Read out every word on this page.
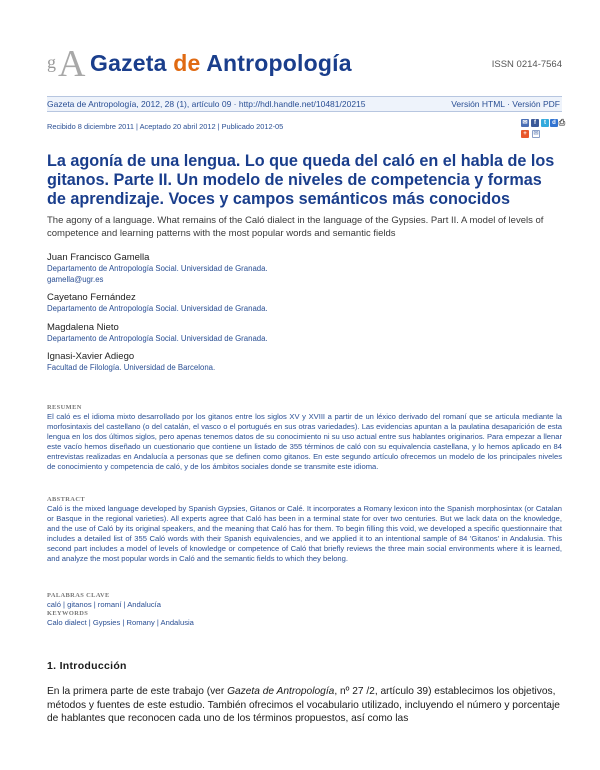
g A Gazeta de Antropología	ISSN 0214-7564
Gazeta de Antropología, 2012, 28 (1), artículo 09 · http://hdl.handle.net/10481/20215	Versión HTML · Versión PDF
Recibido 8 diciembre 2011 | Aceptado 20 abril 2012 | Publicado 2012-05	✉	f	t	d ⎙
+	✉
La agonía de una lengua. Lo que queda del caló en el habla de los gitanos. Parte II. Un modelo de niveles de competencia y formas de aprendizaje. Voces y campos semánticos más conocidos
The agony of a language. What remains of the Caló dialect in the language of the Gypsies. Part II. A model of levels of competence and learning patterns with the most popular words and semantic fields
Juan Francisco Gamella
Departamento de Antropología Social. Universidad de Granada.
gamella@ugr.es
Cayetano Fernández
Departamento de Antropología Social. Universidad de Granada.
Magdalena Nieto
Departamento de Antropología Social. Universidad de Granada.
Ignasi-Xavier Adiego
Facultad de Filología. Universidad de Barcelona.
RESUMEN

El caló es el idioma mixto desarrollado por los gitanos entre los siglos XV y XVIII a partir de un léxico derivado del romaní que se articula mediante la morfosintaxis del castellano (o del catalán, el vasco o el portugués en sus otras variedades). Las evidencias apuntan a la paulatina desaparición de esta lengua en los dos últimos siglos, pero apenas tenemos datos de su conocimiento ni su uso actual entre sus hablantes originarios. Para empezar a llenar este vacío hemos diseñado un cuestionario que contiene un listado de 355 términos de caló con su equivalencia castellana, y lo hemos aplicado en 84 entrevistas realizadas en Andalucía a personas que se definen como gitanos. En este segundo artículo ofrecemos un modelo de los principales niveles de conocimiento y competencia de caló, y de los ámbitos sociales donde se transmite este idioma.

ABSTRACT

Caló is the mixed language developed by Spanish Gypsies, Gitanos or Calé. It incorporates a Romany lexicon into the Spanish morphosintax (or Catalan or Basque in the regional varieties). All experts agree that Caló has been in a terminal state for over two centuries. But we lack data on the knowledge, and the use of Caló by its original speakers, and the meaning that Caló has for them. To begin filling this void, we developed a specific questionnaire that includes a detailed list of 355 Caló words with their Spanish equivalencies, and we applied it to an intentional sample of 84 'Gitanos' in Andalusia. This second part includes a model of levels of knowledge or competence of Caló that briefly reviews the three main social environments where it is learned, and analyze the most popular words in Caló and the semantic fields to which they belong.

PALABRAS CLAVE
caló | gitanos | romaní | Andalucía
KEYWORDS
Calo dialect | Gypsies | Romany | Andalusia
1. Introducción

En la primera parte de este trabajo (ver Gazeta de Antropología, nº 27 /2, artículo 39) establecimos los objetivos, métodos y fuentes de este estudio. También ofrecimos el vocabulario utilizado, incluyendo el número y porcentaje de hablantes que reconocen cada uno de los términos propuestos, así como las
